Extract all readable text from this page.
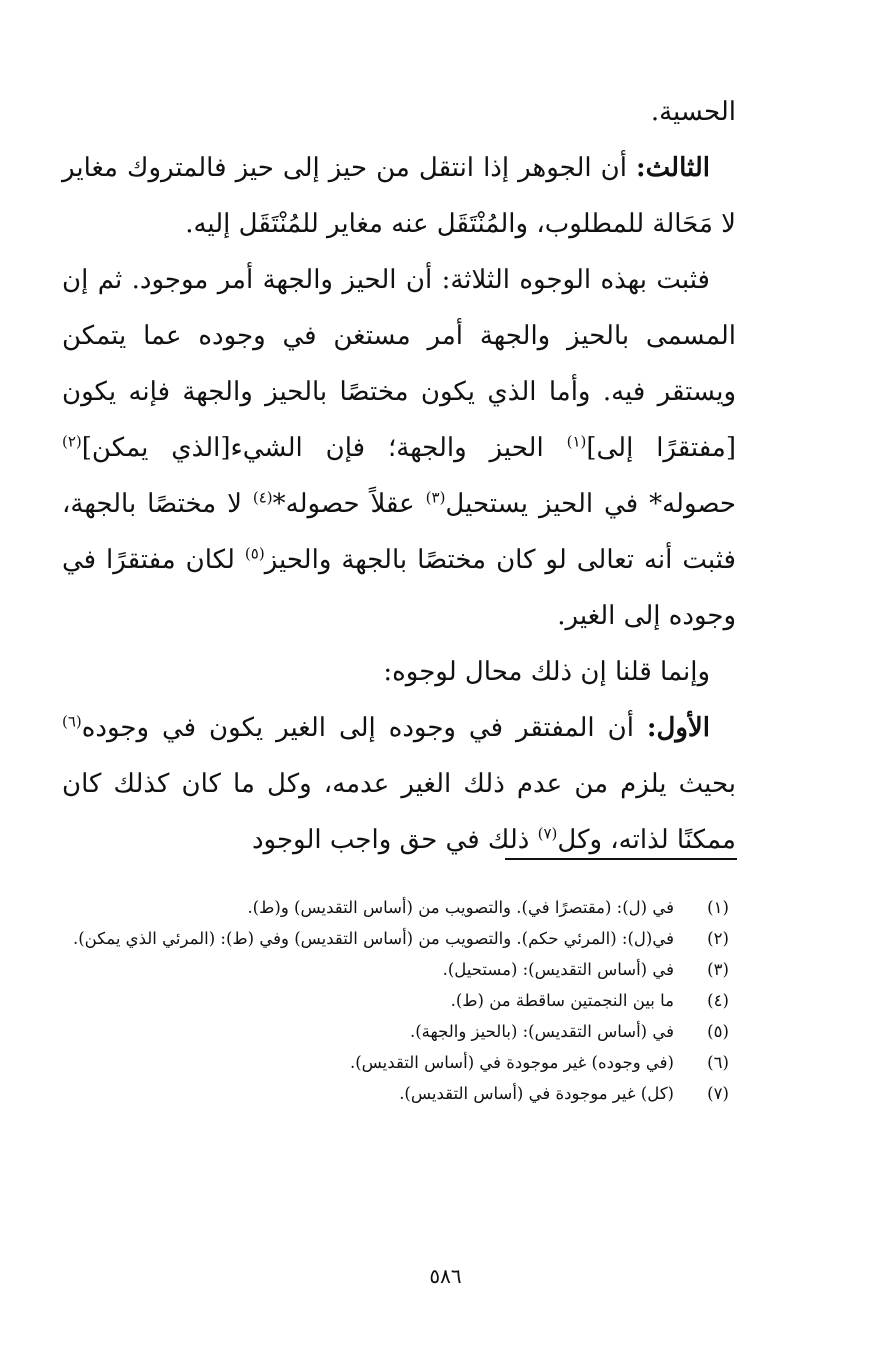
الحسية.

الثالث: أن الجوهر إذا انتقل من حيز إلى حيز فالمتروك مغاير لا مَحَالة للمطلوب، والمُنْتَقَل عنه مغاير للمُنْتَقَل إليه.

فثبت بهذه الوجوه الثلاثة: أن الحيز والجهة أمر موجود. ثم إن المسمى بالحيز والجهة أمر مستغن في وجوده عما يتمكن ويستقر فيه. وأما الذي يكون مختصًا بالحيز والجهة فإنه يكون [مفتقرًا إلى]$^{(١)}$ الحيز والجهة؛ فإن الشيء[الذي يمكن]$^{(٢)}$ حصوله* في الحيز يستحيل$^{(٣)}$ عقلاً حصوله*$^{(٤)}$ لا مختصًا بالجهة، فثبت أنه تعالى لو كان مختصًا بالجهة والحيز$^{(٥)}$ لكان مفتقرًا في وجوده إلى الغير.

وإنما قلنا إن ذلك محال لوجوه:

الأول: أن المفتقر في وجوده إلى الغير يكون في وجوده$^{(٦)}$ بحيث يلزم من عدم ذلك الغير عدمه، وكل ما كان كذلك كان ممكنًا لذاته، وكل$^{(٧)}$ ذلك في حق واجب الوجود

(١)
في (ل): (مقتصرًا في). والتصويب من (أساس التقديس) و(ط).
(٢)
في(ل): (المرئي حكم). والتصويب من (أساس التقديس) وفي (ط): (المرئي الذي يمكن).
(٣)
في (أساس التقديس): (مستحيل).
(٤)
ما بين النجمتين ساقطة من (ط).
(٥)
في (أساس التقديس): (بالحيز والجهة).
(٦)
(في وجوده) غير موجودة في (أساس التقديس).
(٧)
(كل) غير موجودة في (أساس التقديس).
٥٨٦
